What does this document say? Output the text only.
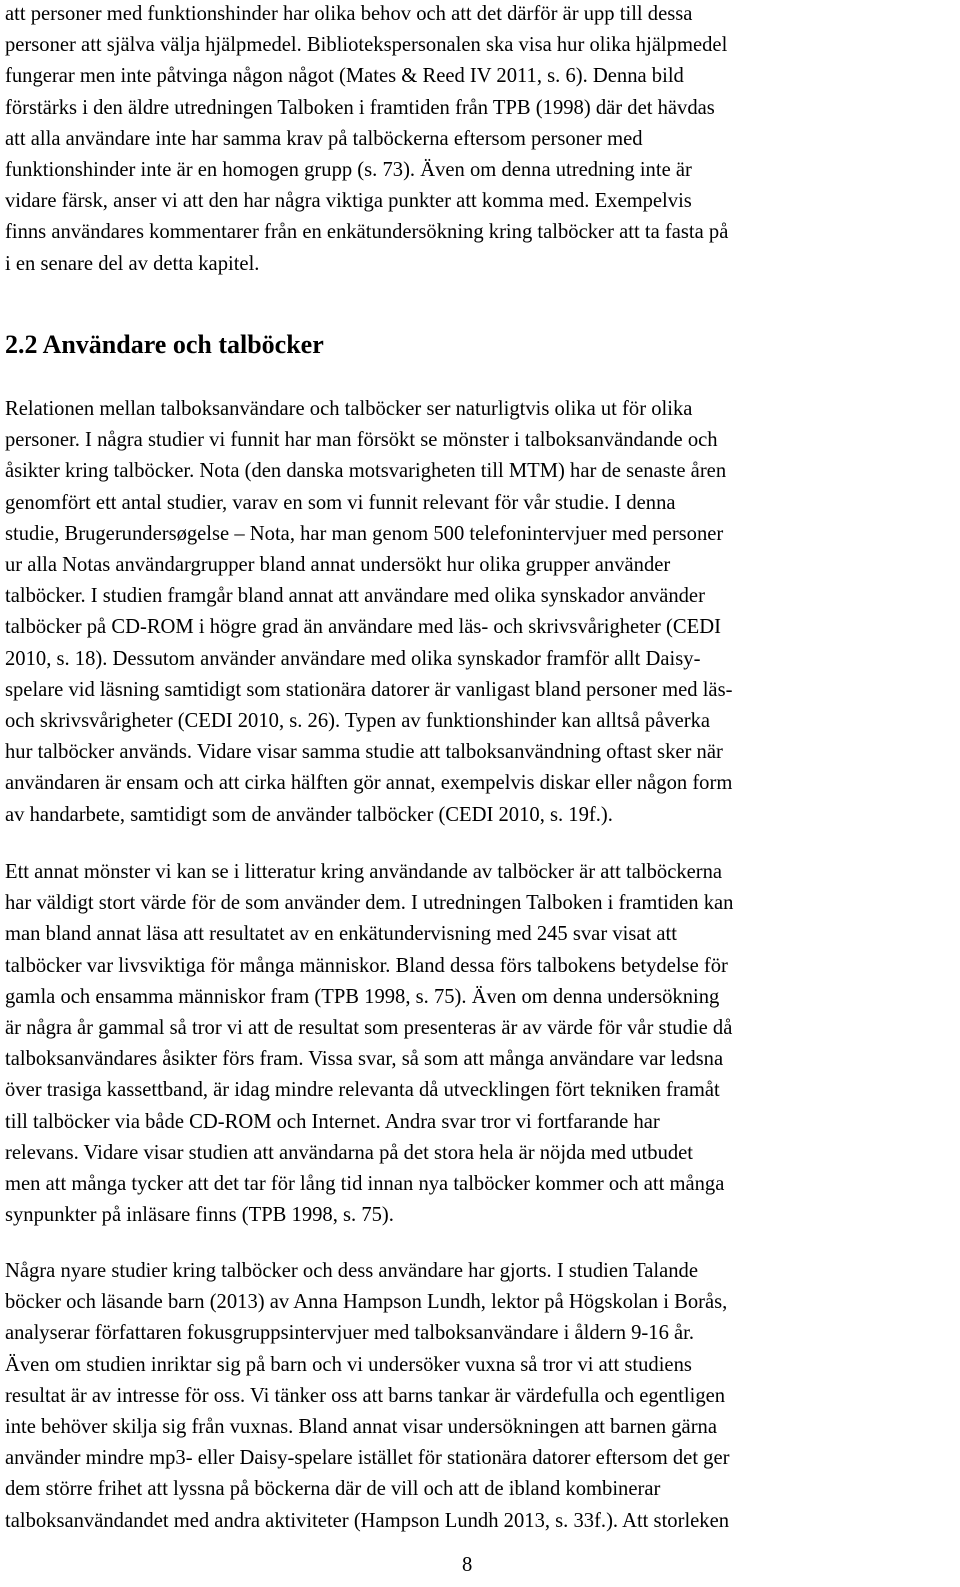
att personer med funktionshinder har olika behov och att det därför är upp till dessa
personer att själva välja hjälpmedel. Bibliotekspersonalen ska visa hur olika hjälpmedel
fungerar men inte påtvinga någon något (Mates & Reed IV 2011, s. 6). Denna bild
förstärks i den äldre utredningen Talboken i framtiden från TPB (1998) där det hävdas
att alla användare inte har samma krav på talböckerna eftersom personer med
funktionshinder inte är en homogen grupp (s. 73). Även om denna utredning inte är
vidare färsk, anser vi att den har några viktiga punkter att komma med. Exempelvis
finns användares kommentarer från en enkätundersökning kring talböcker att ta fasta på
i en senare del av detta kapitel.

2.2 Användare och talböcker

Relationen mellan talboksanvändare och talböcker ser naturligtvis olika ut för olika
personer. I några studier vi funnit har man försökt se mönster i talboksanvändande och
åsikter kring talböcker. Nota (den danska motsvarigheten till MTM) har de senaste åren
genomfört ett antal studier, varav en som vi funnit relevant för vår studie. I denna
studie, Brugerundersøgelse – Nota, har man genom 500 telefonintervjuer med personer
ur alla Notas användargrupper bland annat undersökt hur olika grupper använder
talböcker. I studien framgår bland annat att användare med olika synskador använder
talböcker på CD-ROM i högre grad än användare med läs- och skrivsvårigheter (CEDI
2010, s. 18). Dessutom använder användare med olika synskador framför allt Daisy-
spelare vid läsning samtidigt som stationära datorer är vanligast bland personer med läs-
och skrivsvårigheter (CEDI 2010, s. 26). Typen av funktionshinder kan alltså påverka
hur talböcker används. Vidare visar samma studie att talboksanvändning oftast sker när
användaren är ensam och att cirka hälften gör annat, exempelvis diskar eller någon form
av handarbete, samtidigt som de använder talböcker (CEDI 2010, s. 19f.).

Ett annat mönster vi kan se i litteratur kring användande av talböcker är att talböckerna
har väldigt stort värde för de som använder dem. I utredningen Talboken i framtiden kan
man bland annat läsa att resultatet av en enkätundervisning med 245 svar visat att
talböcker var livsviktiga för många människor. Bland dessa förs talbokens betydelse för
gamla och ensamma människor fram (TPB 1998, s. 75). Även om denna undersökning
är några år gammal så tror vi att de resultat som presenteras är av värde för vår studie då
talboksanvändares åsikter förs fram. Vissa svar, så som att många användare var ledsna
över trasiga kassettband, är idag mindre relevanta då utvecklingen fört tekniken framåt
till talböcker via både CD-ROM och Internet. Andra svar tror vi fortfarande har
relevans. Vidare visar studien att användarna på det stora hela är nöjda med utbudet
men att många tycker att det tar för lång tid innan nya talböcker kommer och att många
synpunkter på inläsare finns (TPB 1998, s. 75).

Några nyare studier kring talböcker och dess användare har gjorts. I studien Talande
böcker och läsande barn (2013) av Anna Hampson Lundh, lektor på Högskolan i Borås,
analyserar författaren fokusgruppsintervjuer med talboksanvändare i åldern 9-16 år.
Även om studien inriktar sig på barn och vi undersöker vuxna så tror vi att studiens
resultat är av intresse för oss. Vi tänker oss att barns tankar är värdefulla och egentligen
inte behöver skilja sig från vuxnas. Bland annat visar undersökningen att barnen gärna
använder mindre mp3- eller Daisy-spelare istället för stationära datorer eftersom det ger
dem större frihet att lyssna på böckerna där de vill och att de ibland kombinerar
talboksanvändandet med andra aktiviteter (Hampson Lundh 2013, s. 33f.). Att storleken

8
